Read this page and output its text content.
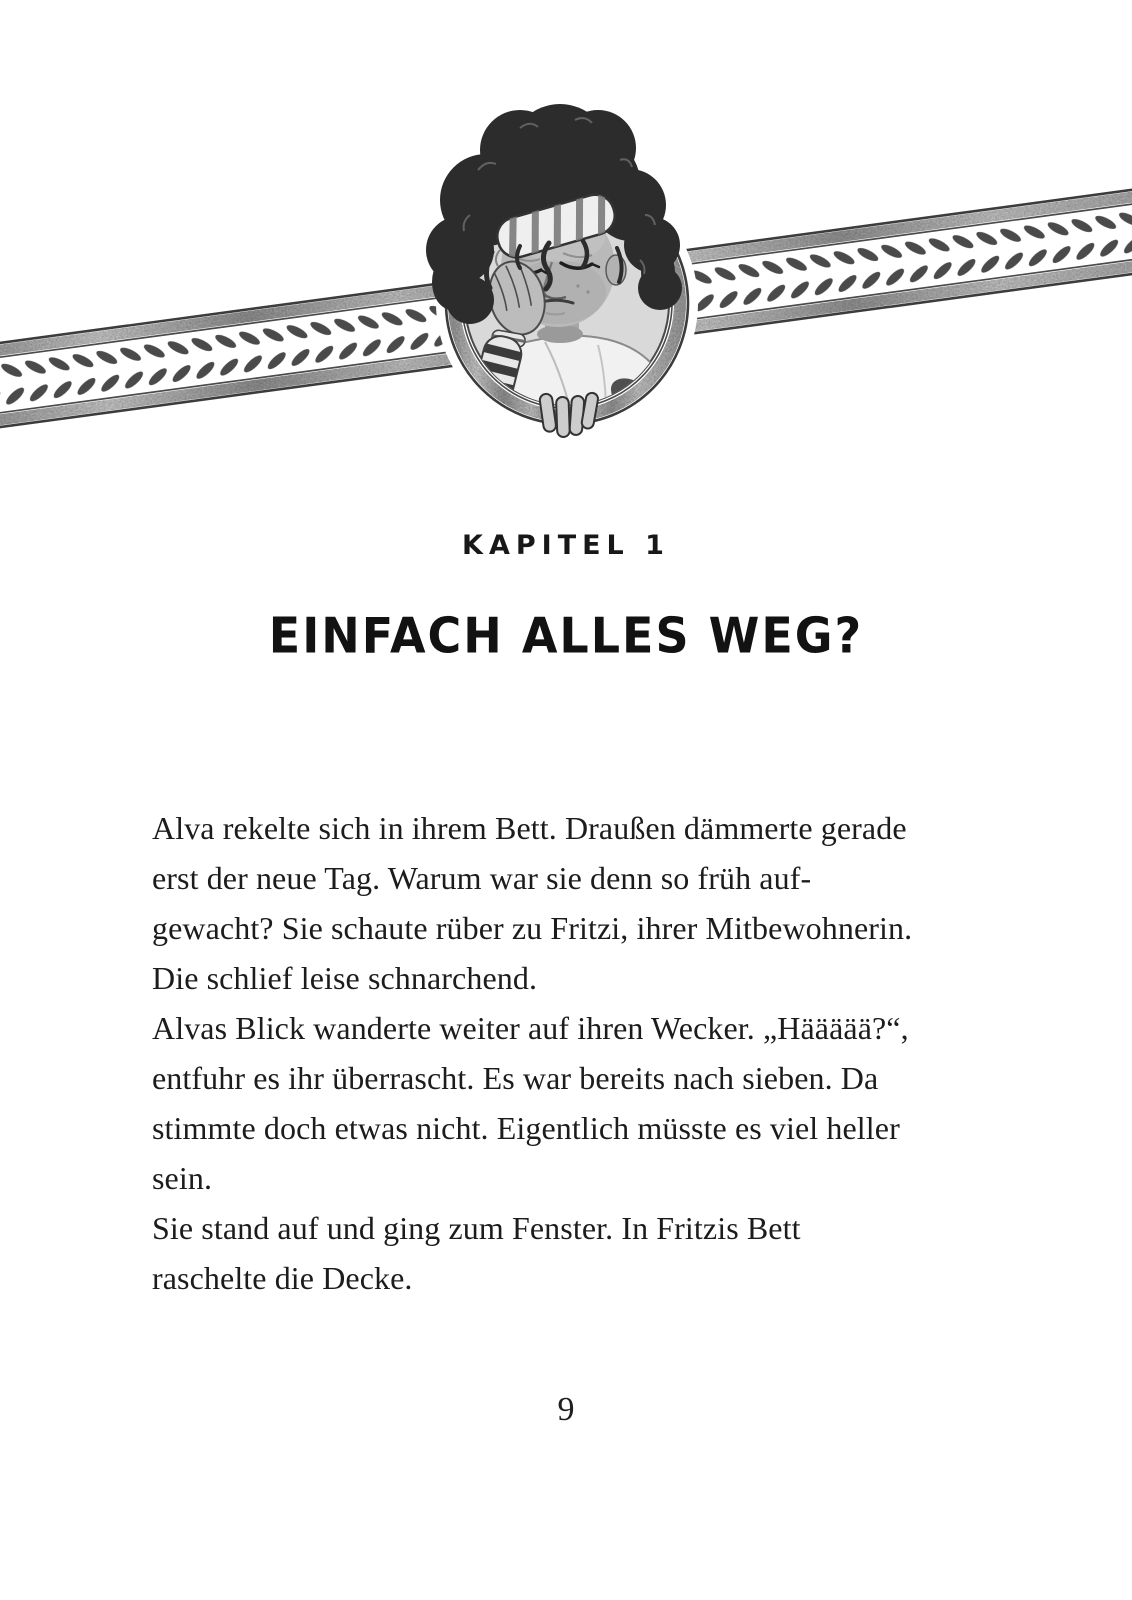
KAPITEL 1
EINFACH ALLES WEG?
Alva rekelte sich in ihrem Bett. Draußen dämmerte gerade
erst der neue Tag. Warum war sie denn so früh auf-
gewacht? Sie schaute rüber zu Fritzi, ihrer Mitbewohnerin.
Die schlief leise schnarchend.
Alvas Blick wanderte weiter auf ihren Wecker. „Häääää?“,
entfuhr es ihr überrascht. Es war bereits nach sieben. Da
stimmte doch etwas nicht. Eigentlich müsste es viel heller
sein.
Sie stand auf und ging zum Fenster. In Fritzis Bett
raschelte die Decke.
9
